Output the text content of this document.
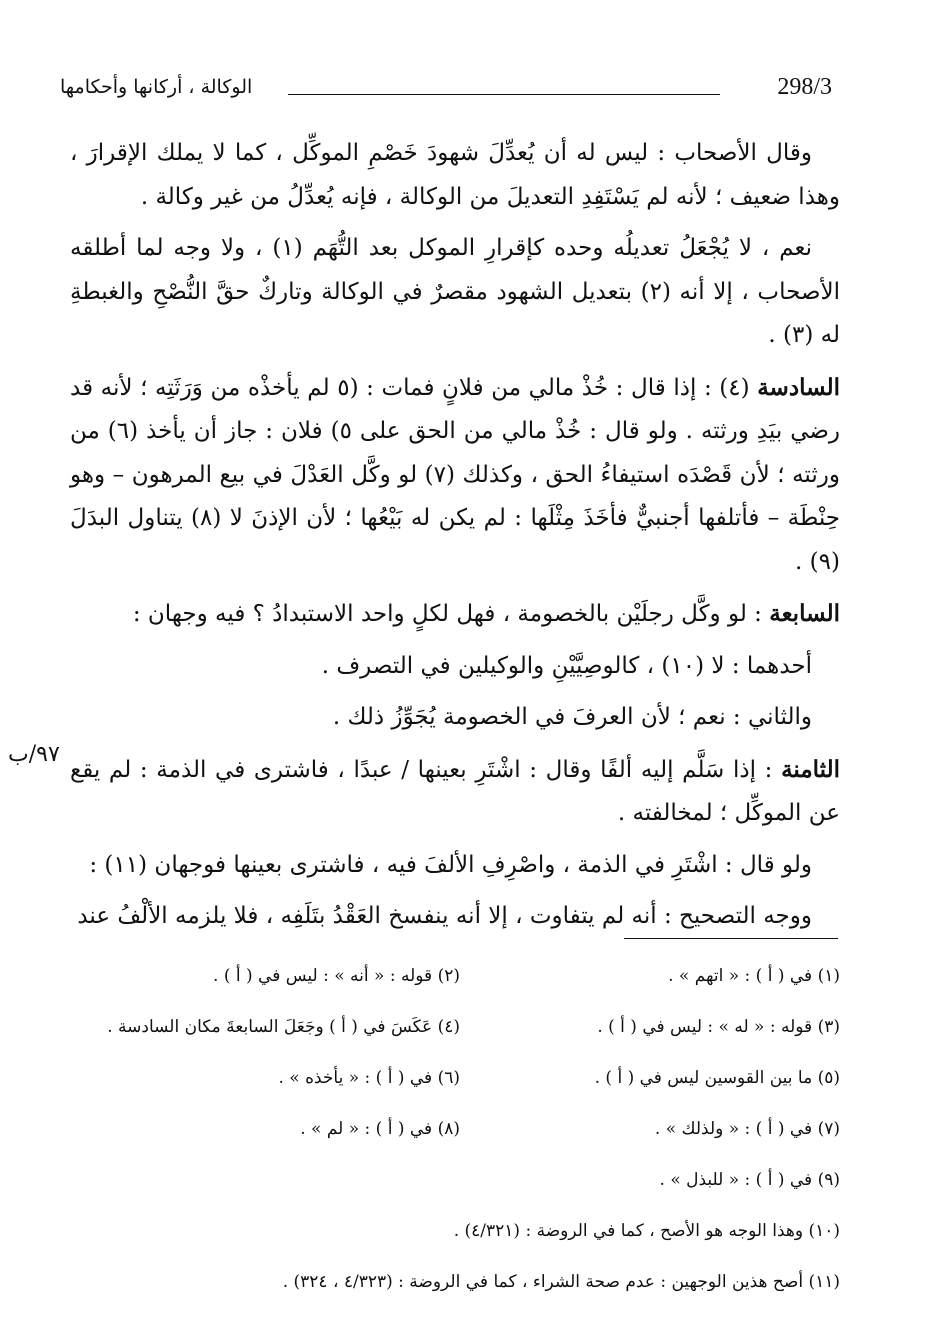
298/3
الوكالة ، أركانها وأحكامها

وقال الأصحاب : ليس له أن يُعدِّلَ شهودَ خَصْمِ الموكِّل ، كما لا يملك الإقرارَ ، وهذا ضعيف ؛ لأنه لم يَسْتَفِدِ التعديلَ من الوكالة ، فإنه يُعدِّلُ من غير وكالة .

نعم ، لا يُجْعَلُ تعديلُه وحده كإقرارِ الموكل بعد التُّهَم (١) ، ولا وجه لما أطلقه الأصحاب ، إلا أنه (٢) بتعديل الشهود مقصرٌ في الوكالة وتاركٌ حقَّ النُّصْحِ والغبطةِ له (٣) .

السادسة (٤) : إذا قال : خُذْ مالي من فلانٍ فمات : (٥ لم يأخذْه من وَرَثَتِه ؛ لأنه قد رضي بيَدِ ورثته . ولو قال : خُذْ مالي من الحق على ٥) فلان : جاز أن يأخذ (٦) من ورثته ؛ لأن قَصْدَه استيفاءُ الحق ، وكذلك (٧) لو وكَّل العَدْلَ في بيع المرهون – وهو حِنْطَة – فأتلفها أجنبيٌّ فأخَذَ مِثْلَها : لم يكن له بَيْعُها ؛ لأن الإذنَ لا (٨) يتناول البدَلَ (٩) .

السابعة : لو وكَّل رجلَيْن بالخصومة ، فهل لكلٍ واحد الاستبدادُ ؟ فيه وجهان :

أحدهما : لا (١٠) ، كالوصِيَّيْنِ والوكيلين في التصرف .

والثاني : نعم ؛ لأن العرفَ في الخصومة يُجَوِّزُ ذلك .

الثامنة : إذا سَلَّم إليه ألفًا وقال : اشْتَرِ بعينها / عبدًا ، فاشترى في الذمة : لم يقع عن الموكِّل ؛ لمخالفته .

ولو قال : اشْتَرِ في الذمة ، واصْرِفِ الألفَ فيه ، فاشترى بعينها فوجهان (١١) :

ووجه التصحيح : أنه لم يتفاوت ، إلا أنه ينفسخ العَقْدُ بتَلَفِه ، فلا يلزمه الألْفُ عند

٩٧/ب
(١) في ( أ ) : « اتهم » .
(٢) قوله : « أنه » : ليس في ( أ ) .
(٣) قوله : « له » : ليس في ( أ ) .
(٤) عَكَسَ في ( أ ) وجَعَلَ السابعةَ مكان السادسة .
(٥) ما بين القوسين ليس في ( أ ) .
(٦) في ( أ ) : « يأخذه » .
(٧) في ( أ ) : « ولذلك » .
(٨) في ( أ ) : « لم » .
(٩) في ( أ ) : « للبذل » .
(١٠) وهذا الوجه هو الأصح ، كما في الروضة : (٤/٣٢١) .
(١١) أصح هذين الوجهين : عدم صحة الشراء ، كما في الروضة : (٤/٣٢٣ ، ٣٢٤) .
